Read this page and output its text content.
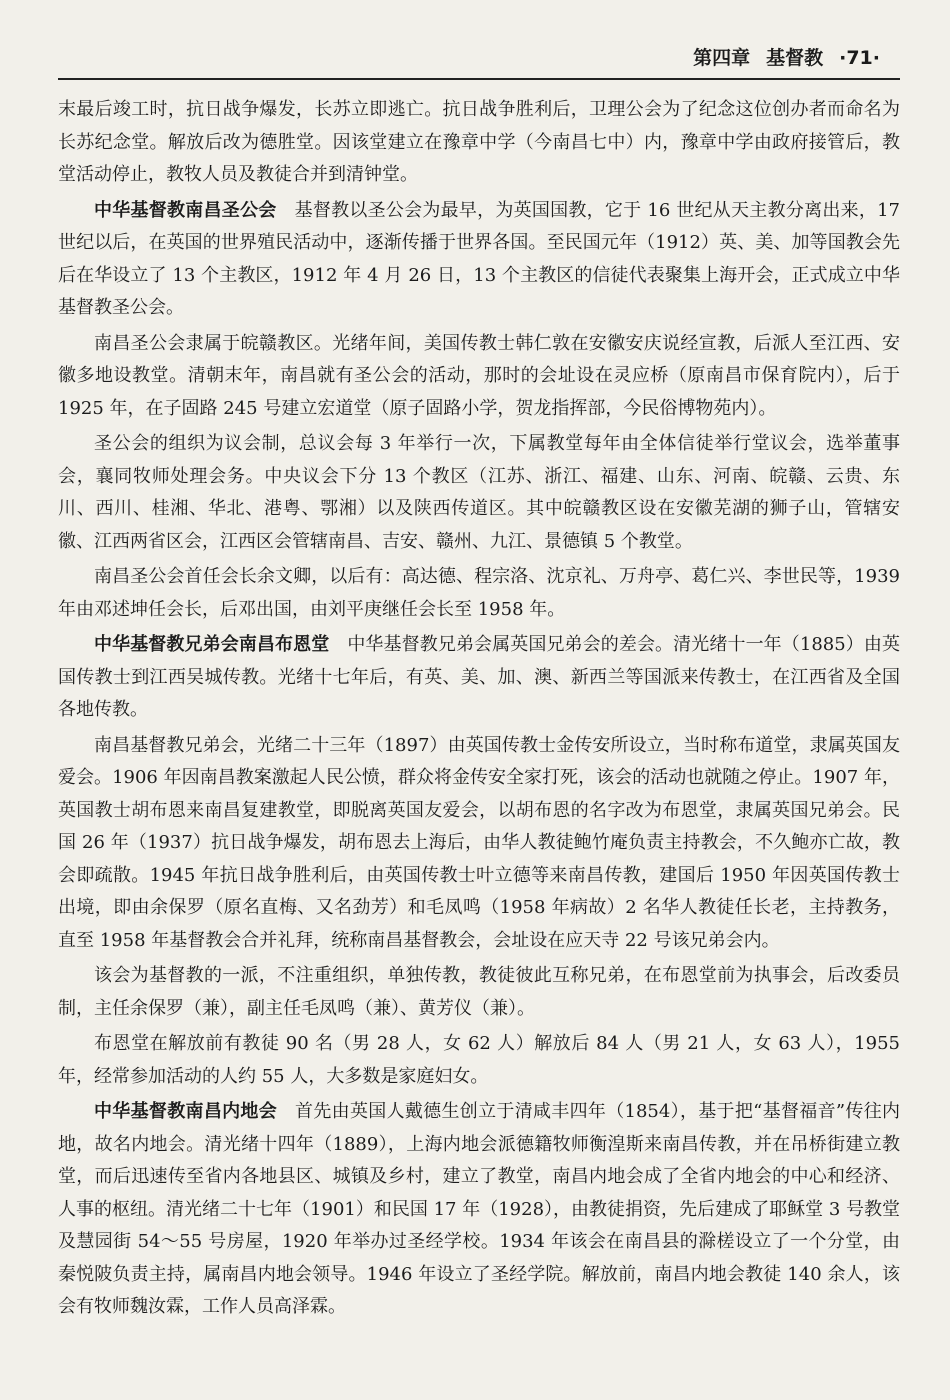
第四章 基督教 ·71·

末最后竣工时，抗日战争爆发，长苏立即逃亡。抗日战争胜利后，卫理公会为了纪念这位创办者而命名为长苏纪念堂。解放后改为德胜堂。因该堂建立在豫章中学（今南昌七中）内，豫章中学由政府接管后，教堂活动停止，教牧人员及教徒合并到清钟堂。

中华基督教南昌圣公会 基督教以圣公会为最早，为英国国教，它于 16 世纪从天主教分离出来，17 世纪以后，在英国的世界殖民活动中，逐渐传播于世界各国。至民国元年（1912）英、美、加等国教会先后在华设立了 13 个主教区，1912 年 4 月 26 日，13 个主教区的信徒代表聚集上海开会，正式成立中华基督教圣公会。

南昌圣公会隶属于皖赣教区。光绪年间，美国传教士韩仁敦在安徽安庆说经宣教，后派人至江西、安徽多地设教堂。清朝末年，南昌就有圣公会的活动，那时的会址设在灵应桥（原南昌市保育院内），后于 1925 年，在子固路 245 号建立宏道堂（原子固路小学，贺龙指挥部，今民俗博物苑内）。

圣公会的组织为议会制，总议会每 3 年举行一次，下属教堂每年由全体信徒举行堂议会，选举董事会，襄同牧师处理会务。中央议会下分 13 个教区（江苏、浙江、福建、山东、河南、皖赣、云贵、东川、西川、桂湘、华北、港粤、鄂湘）以及陕西传道区。其中皖赣教区设在安徽芜湖的狮子山，管辖安徽、江西两省区会，江西区会管辖南昌、吉安、赣州、九江、景德镇 5 个教堂。

南昌圣公会首任会长余文卿，以后有：高达德、程宗洛、沈京礼、万舟亭、葛仁兴、李世民等，1939 年由邓述坤任会长，后邓出国，由刘平庚继任会长至 1958 年。

中华基督教兄弟会南昌布恩堂 中华基督教兄弟会属英国兄弟会的差会。清光绪十一年（1885）由英国传教士到江西吴城传教。光绪十七年后，有英、美、加、澳、新西兰等国派来传教士，在江西省及全国各地传教。

南昌基督教兄弟会，光绪二十三年（1897）由英国传教士金传安所设立，当时称布道堂，隶属英国友爱会。1906 年因南昌教案激起人民公愤，群众将金传安全家打死，该会的活动也就随之停止。1907 年，英国教士胡布恩来南昌复建教堂，即脱离英国友爱会，以胡布恩的名字改为布恩堂，隶属英国兄弟会。民国 26 年（1937）抗日战争爆发，胡布恩去上海后，由华人教徒鲍竹庵负责主持教会，不久鲍亦亡故，教会即疏散。1945 年抗日战争胜利后，由英国传教士叶立德等来南昌传教，建国后 1950 年因英国传教士出境，即由余保罗（原名直梅、又名劲芳）和毛凤鸣（1958 年病故）2 名华人教徒任长老，主持教务，直至 1958 年基督教会合并礼拜，统称南昌基督教会，会址设在应天寺 22 号该兄弟会内。

该会为基督教的一派，不注重组织，单独传教，教徒彼此互称兄弟，在布恩堂前为执事会，后改委员制，主任余保罗（兼），副主任毛凤鸣（兼）、黄芳仪（兼）。

布恩堂在解放前有教徒 90 名（男 28 人，女 62 人）解放后 84 人（男 21 人，女 63 人），1955 年，经常参加活动的人约 55 人，大多数是家庭妇女。

中华基督教南昌内地会 首先由英国人戴德生创立于清咸丰四年（1854），基于把“基督福音”传往内地，故名内地会。清光绪十四年（1889），上海内地会派德籍牧师衡湟斯来南昌传教，并在吊桥街建立教堂，而后迅速传至省内各地县区、城镇及乡村，建立了教堂，南昌内地会成了全省内地会的中心和经济、人事的枢纽。清光绪二十七年（1901）和民国 17 年（1928），由教徒捐资，先后建成了耶稣堂 3 号教堂及慧园街 54～55 号房屋，1920 年举办过圣经学校。1934 年该会在南昌县的滁槎设立了一个分堂，由秦悦陂负责主持，属南昌内地会领导。1946 年设立了圣经学院。解放前，南昌内地会教徒 140 余人，该会有牧师魏汝霖，工作人员高泽霖。
